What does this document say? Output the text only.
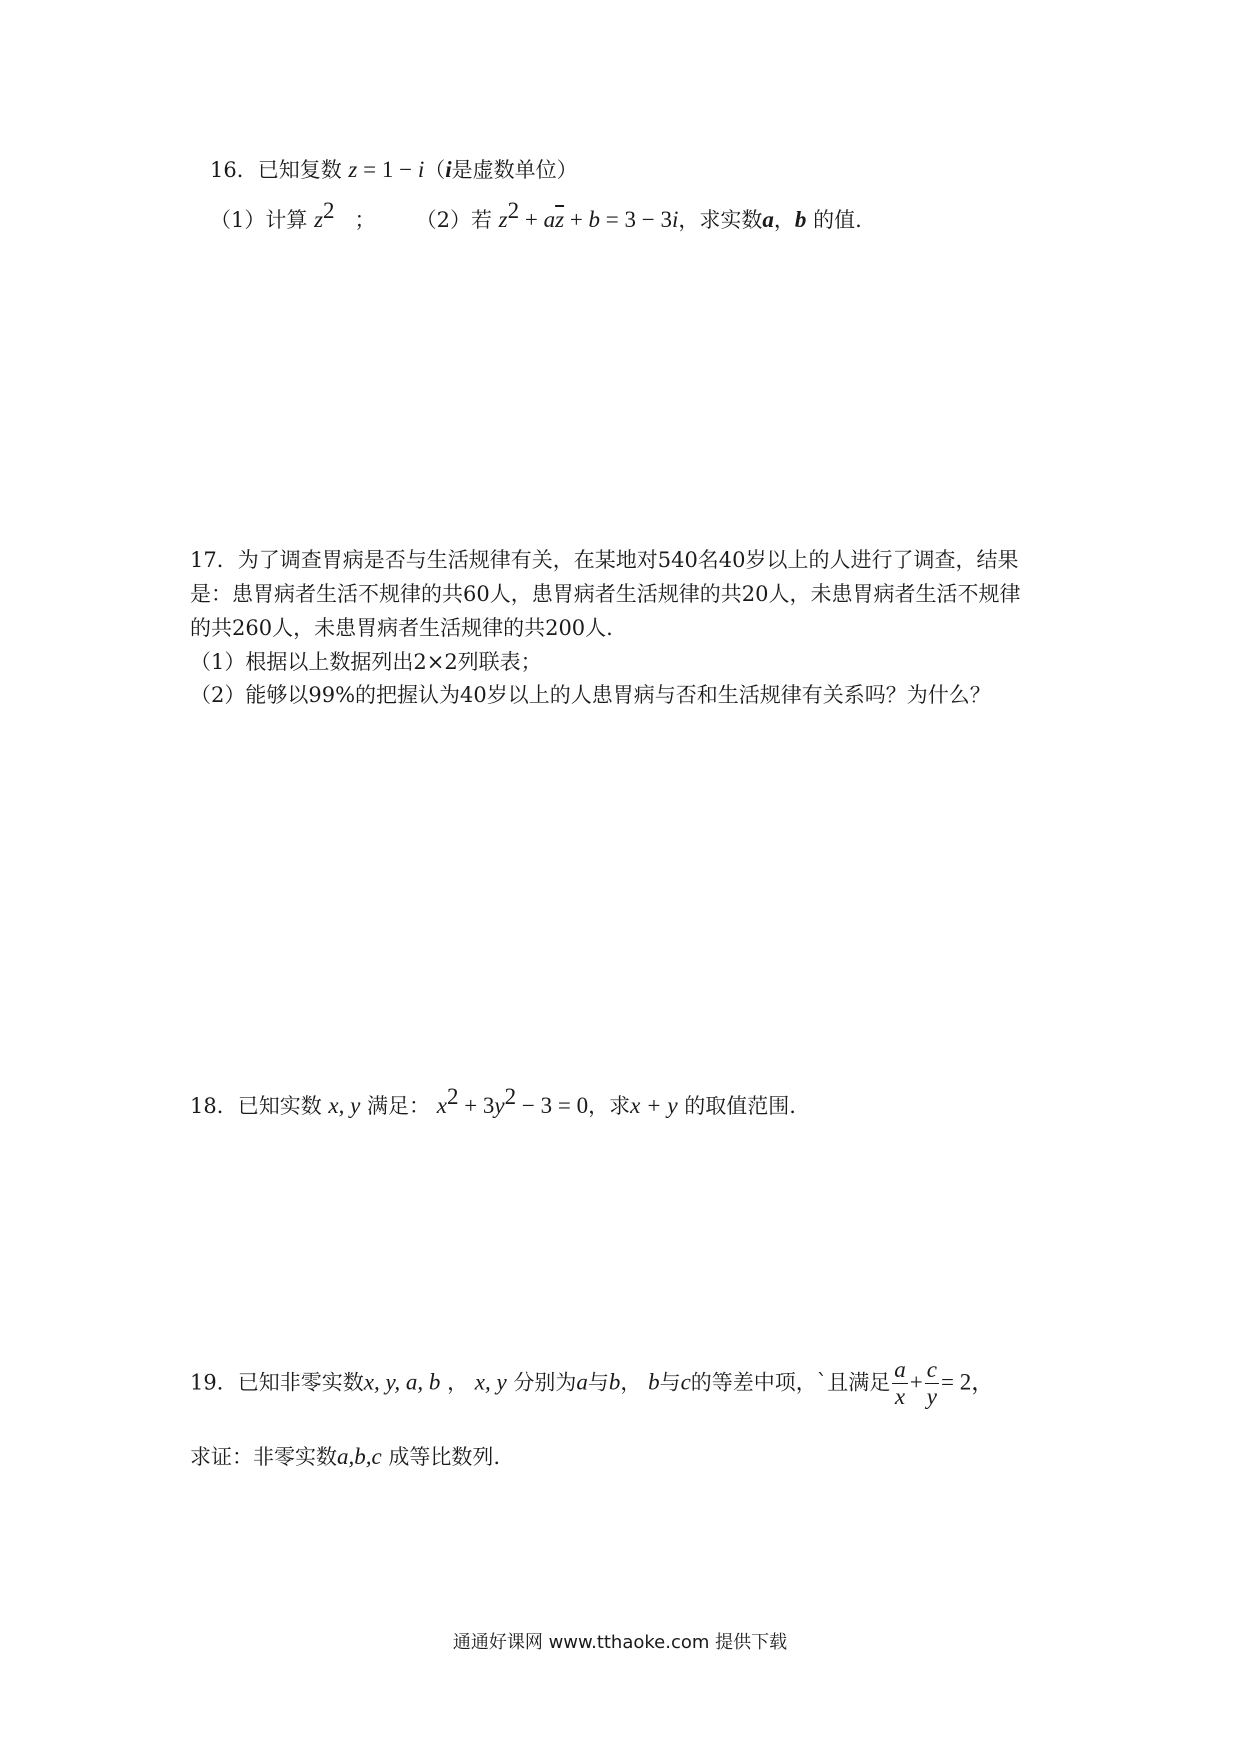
16．已知复数 z = 1 − i（i是虚数单位）
（1）计算 $z^2$ ； （2）若 $z^2 + a\overline{z} + b = 3 - 3i$，求实数a，b 的值.
17．为了调查胃病是否与生活规律有关，在某地对540名40岁以上的人进行了调查，结果
是：患胃病者生活不规律的共60人，患胃病者生活规律的共20人，未患胃病者生活不规律
的共260人，未患胃病者生活规律的共200人.
（1）根据以上数据列出2×2列联表；
（2）能够以99%的把握认为40岁以上的人患胃病与否和生活规律有关系吗？为什么？
18．已知实数 x, y 满足： $x^2 + 3y^2 - 3 = 0$，求x + y 的取值范围.
19．已知非零实数x, y, a, b ， x, y 分别为a与b， b与c的等差中项，`且满足 $\frac{a}{x} + \frac{c}{y} = 2$，
求证：非零实数a,b,c 成等比数列.
通通好课网 www.tthaoke.com 提供下载
